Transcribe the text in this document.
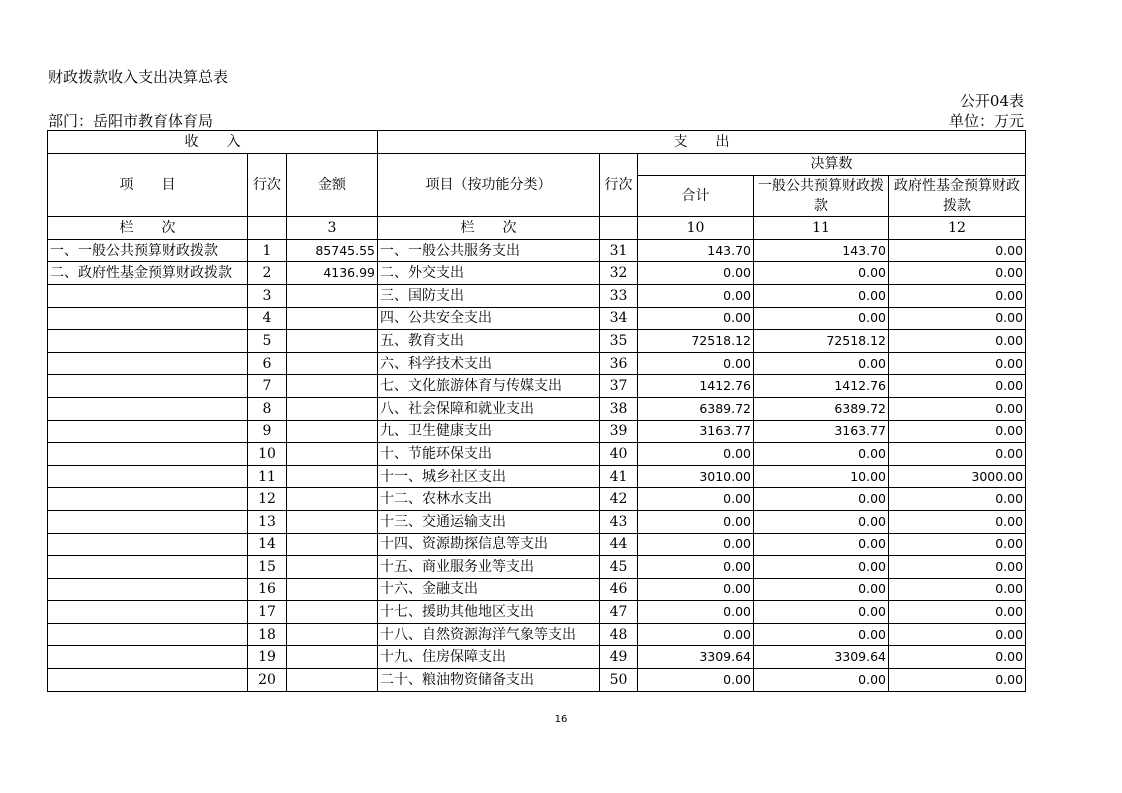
财政拨款收入支出决算总表
公开04表
部门：岳阳市教育体育局	单位：万元
收　　入			支　　出				
项　　目	行次	金额	项目（按功能分类）	行次	决算数		
					合计	一般公共预算财政拨款	政府性基金预算财政拨款
栏　　次		3	栏　　次		10	11	12
一、一般公共预算财政拨款	1	85745.55	一、一般公共服务支出	31	143.70	143.70	0.00
二、政府性基金预算财政拨款	2	4136.99	二、外交支出	32	0.00	0.00	0.00
	3		三、国防支出	33	0.00	0.00	0.00
	4		四、公共安全支出	34	0.00	0.00	0.00
	5		五、教育支出	35	72518.12	72518.12	0.00
	6		六、科学技术支出	36	0.00	0.00	0.00
	7		七、文化旅游体育与传媒支出	37	1412.76	1412.76	0.00
	8		八、社会保障和就业支出	38	6389.72	6389.72	0.00
	9		九、卫生健康支出	39	3163.77	3163.77	0.00
	10		十、节能环保支出	40	0.00	0.00	0.00
	11		十一、城乡社区支出	41	3010.00	10.00	3000.00
	12		十二、农林水支出	42	0.00	0.00	0.00
	13		十三、交通运输支出	43	0.00	0.00	0.00
	14		十四、资源勘探信息等支出	44	0.00	0.00	0.00
	15		十五、商业服务业等支出	45	0.00	0.00	0.00
	16		十六、金融支出	46	0.00	0.00	0.00
	17		十七、援助其他地区支出	47	0.00	0.00	0.00
	18		十八、自然资源海洋气象等支出	48	0.00	0.00	0.00
	19		十九、住房保障支出	49	3309.64	3309.64	0.00
	20		二十、粮油物资储备支出	50	0.00	0.00	0.00
16
